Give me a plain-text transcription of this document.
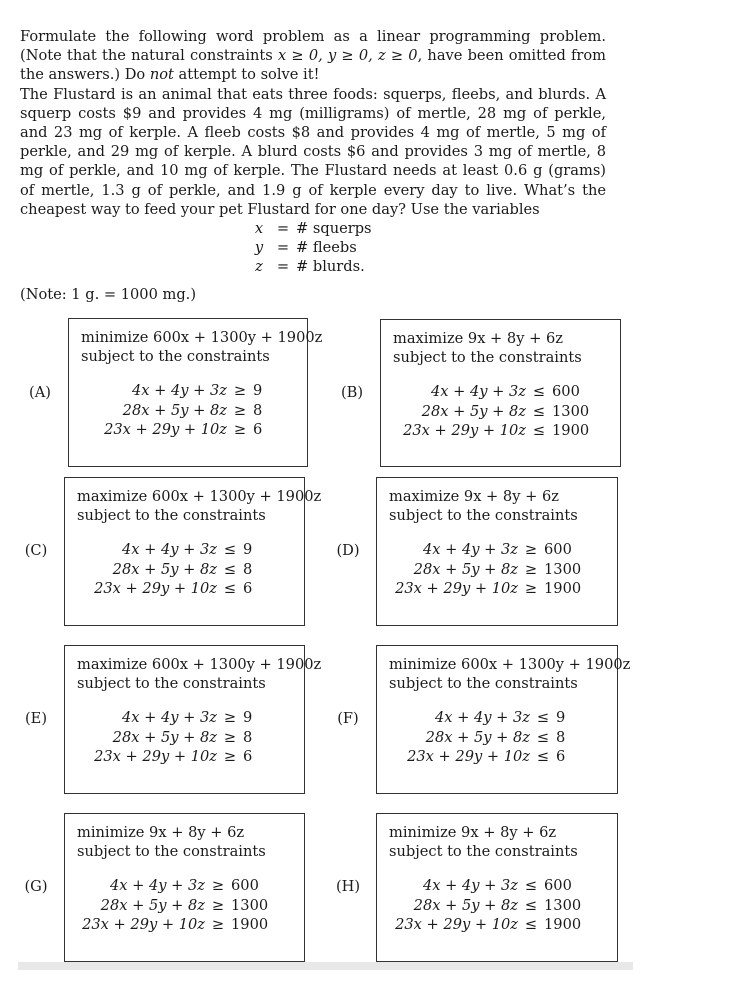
Formulate the following word problem as a linear programming problem. (Note that the natural constraints x ≥ 0, y ≥ 0, z ≥ 0, have been omitted from the answers.) Do not attempt to solve it!

The Flustard is an animal that eats three foods: squerps, fleebs, and blurds. A squerp costs $9 and provides 4 mg (milligrams) of mertle, 28 mg of perkle, and 23 mg of kerple. A fleeb costs $8 and provides 4 mg of mertle, 5 mg of perkle, and 29 mg of kerple. A blurd costs $6 and provides 3 mg of mertle, 8 mg of perkle, and 10 mg of kerple. The Flustard needs at least 0.6 g (grams) of mertle, 1.3 g of perkle, and 1.9 g of kerple every day to live. What’s the cheapest way to feed your pet Flustard for one day? Use the variables

x = # squerps
y = # fleebs
z = # blurds.
(Note: 1 g. = 1000 mg.)
(A)
minimize 600x + 1300y + 1900z
subject to the constraints
4x + 4y + 3z ≥ 9
28x + 5y + 8z ≥ 8
23x + 29y + 10z ≥ 6
(B)
maximize 9x + 8y + 6z
subject to the constraints
4x + 4y + 3z ≤ 600
28x + 5y + 8z ≤ 1300
23x + 29y + 10z ≤ 1900
(C)
maximize 600x + 1300y + 1900z
subject to the constraints
4x + 4y + 3z ≤ 9
28x + 5y + 8z ≤ 8
23x + 29y + 10z ≤ 6
(D)
maximize 9x + 8y + 6z
subject to the constraints
4x + 4y + 3z ≥ 600
28x + 5y + 8z ≥ 1300
23x + 29y + 10z ≥ 1900
(E)
maximize 600x + 1300y + 1900z
subject to the constraints
4x + 4y + 3z ≥ 9
28x + 5y + 8z ≥ 8
23x + 29y + 10z ≥ 6
(F)
minimize 600x + 1300y + 1900z
subject to the constraints
4x + 4y + 3z ≤ 9
28x + 5y + 8z ≤ 8
23x + 29y + 10z ≤ 6
(G)
minimize 9x + 8y + 6z
subject to the constraints
4x + 4y + 3z ≥ 600
28x + 5y + 8z ≥ 1300
23x + 29y + 10z ≥ 1900
(H)
minimize 9x + 8y + 6z
subject to the constraints
4x + 4y + 3z ≤ 600
28x + 5y + 8z ≤ 1300
23x + 29y + 10z ≤ 1900
